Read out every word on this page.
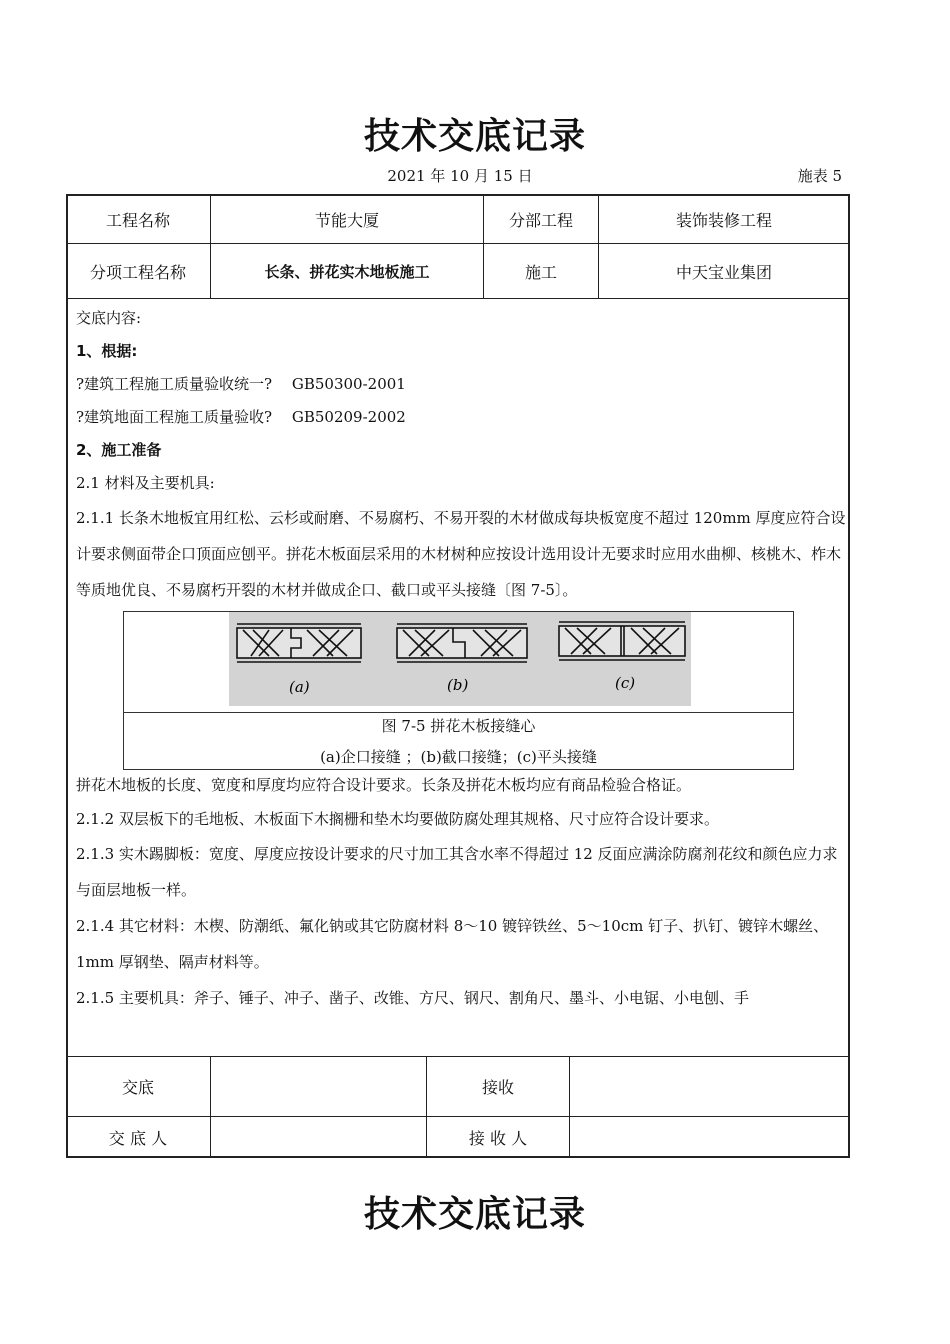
技术交底记录
2021 年 10 月 15 日	施表 5
工程名称	节能大厦	分部工程	装饰装修工程
分项工程名称	长条、拼花实木地板施工	施工	中天宝业集团

交底内容:

1、根据:

?建筑工程施工质量验收统一?　 GB50300-2001

?建筑地面工程施工质量验收?　 GB50209-2002

2、施工准备

2.1 材料及主要机具:

2.1.1 长条木地板宜用红松、云杉或耐磨、不易腐朽、不易开裂的木材做成每块板宽度不超过 120mm 厚度应符合设计要求侧面带企口顶面应刨平。拼花木板面层采用的木材树种应按设计选用设计无要求时应用水曲柳、核桃木、柞木等质地优良、不易腐朽开裂的木材并做成企口、截口或平头接缝〔图 7-5〕。

(a)	(b)	(c)
图 7-5 拼花木板接缝心
(a)企口接缝 ；(b)截口接缝；(c)平头接缝

拼花木地板的长度、宽度和厚度均应符合设计要求。长条及拼花木板均应有商品检验合格证。

2.1.2 双层板下的毛地板、木板面下木搁栅和垫木均要做防腐处理其规格、尺寸应符合设计要求。

2.1.3 实木踢脚板：宽度、厚度应按设计要求的尺寸加工其含水率不得超过 12 反面应满涂防腐剂花纹和颜色应力求与面层地板一样。

2.1.4 其它材料：木楔、防潮纸、氟化钠或其它防腐材料 8～10 镀锌铁丝、5～10cm 钉子、扒钉、镀锌木螺丝、1mm 厚钢垫、隔声材料等。

2.1.5 主要机具：斧子、锤子、冲子、凿子、改锥、方尺、钢尺、割角尺、墨斗、小电锯、小电刨、手

交底	接收
交 底 人	接 收 人
技术交底记录
